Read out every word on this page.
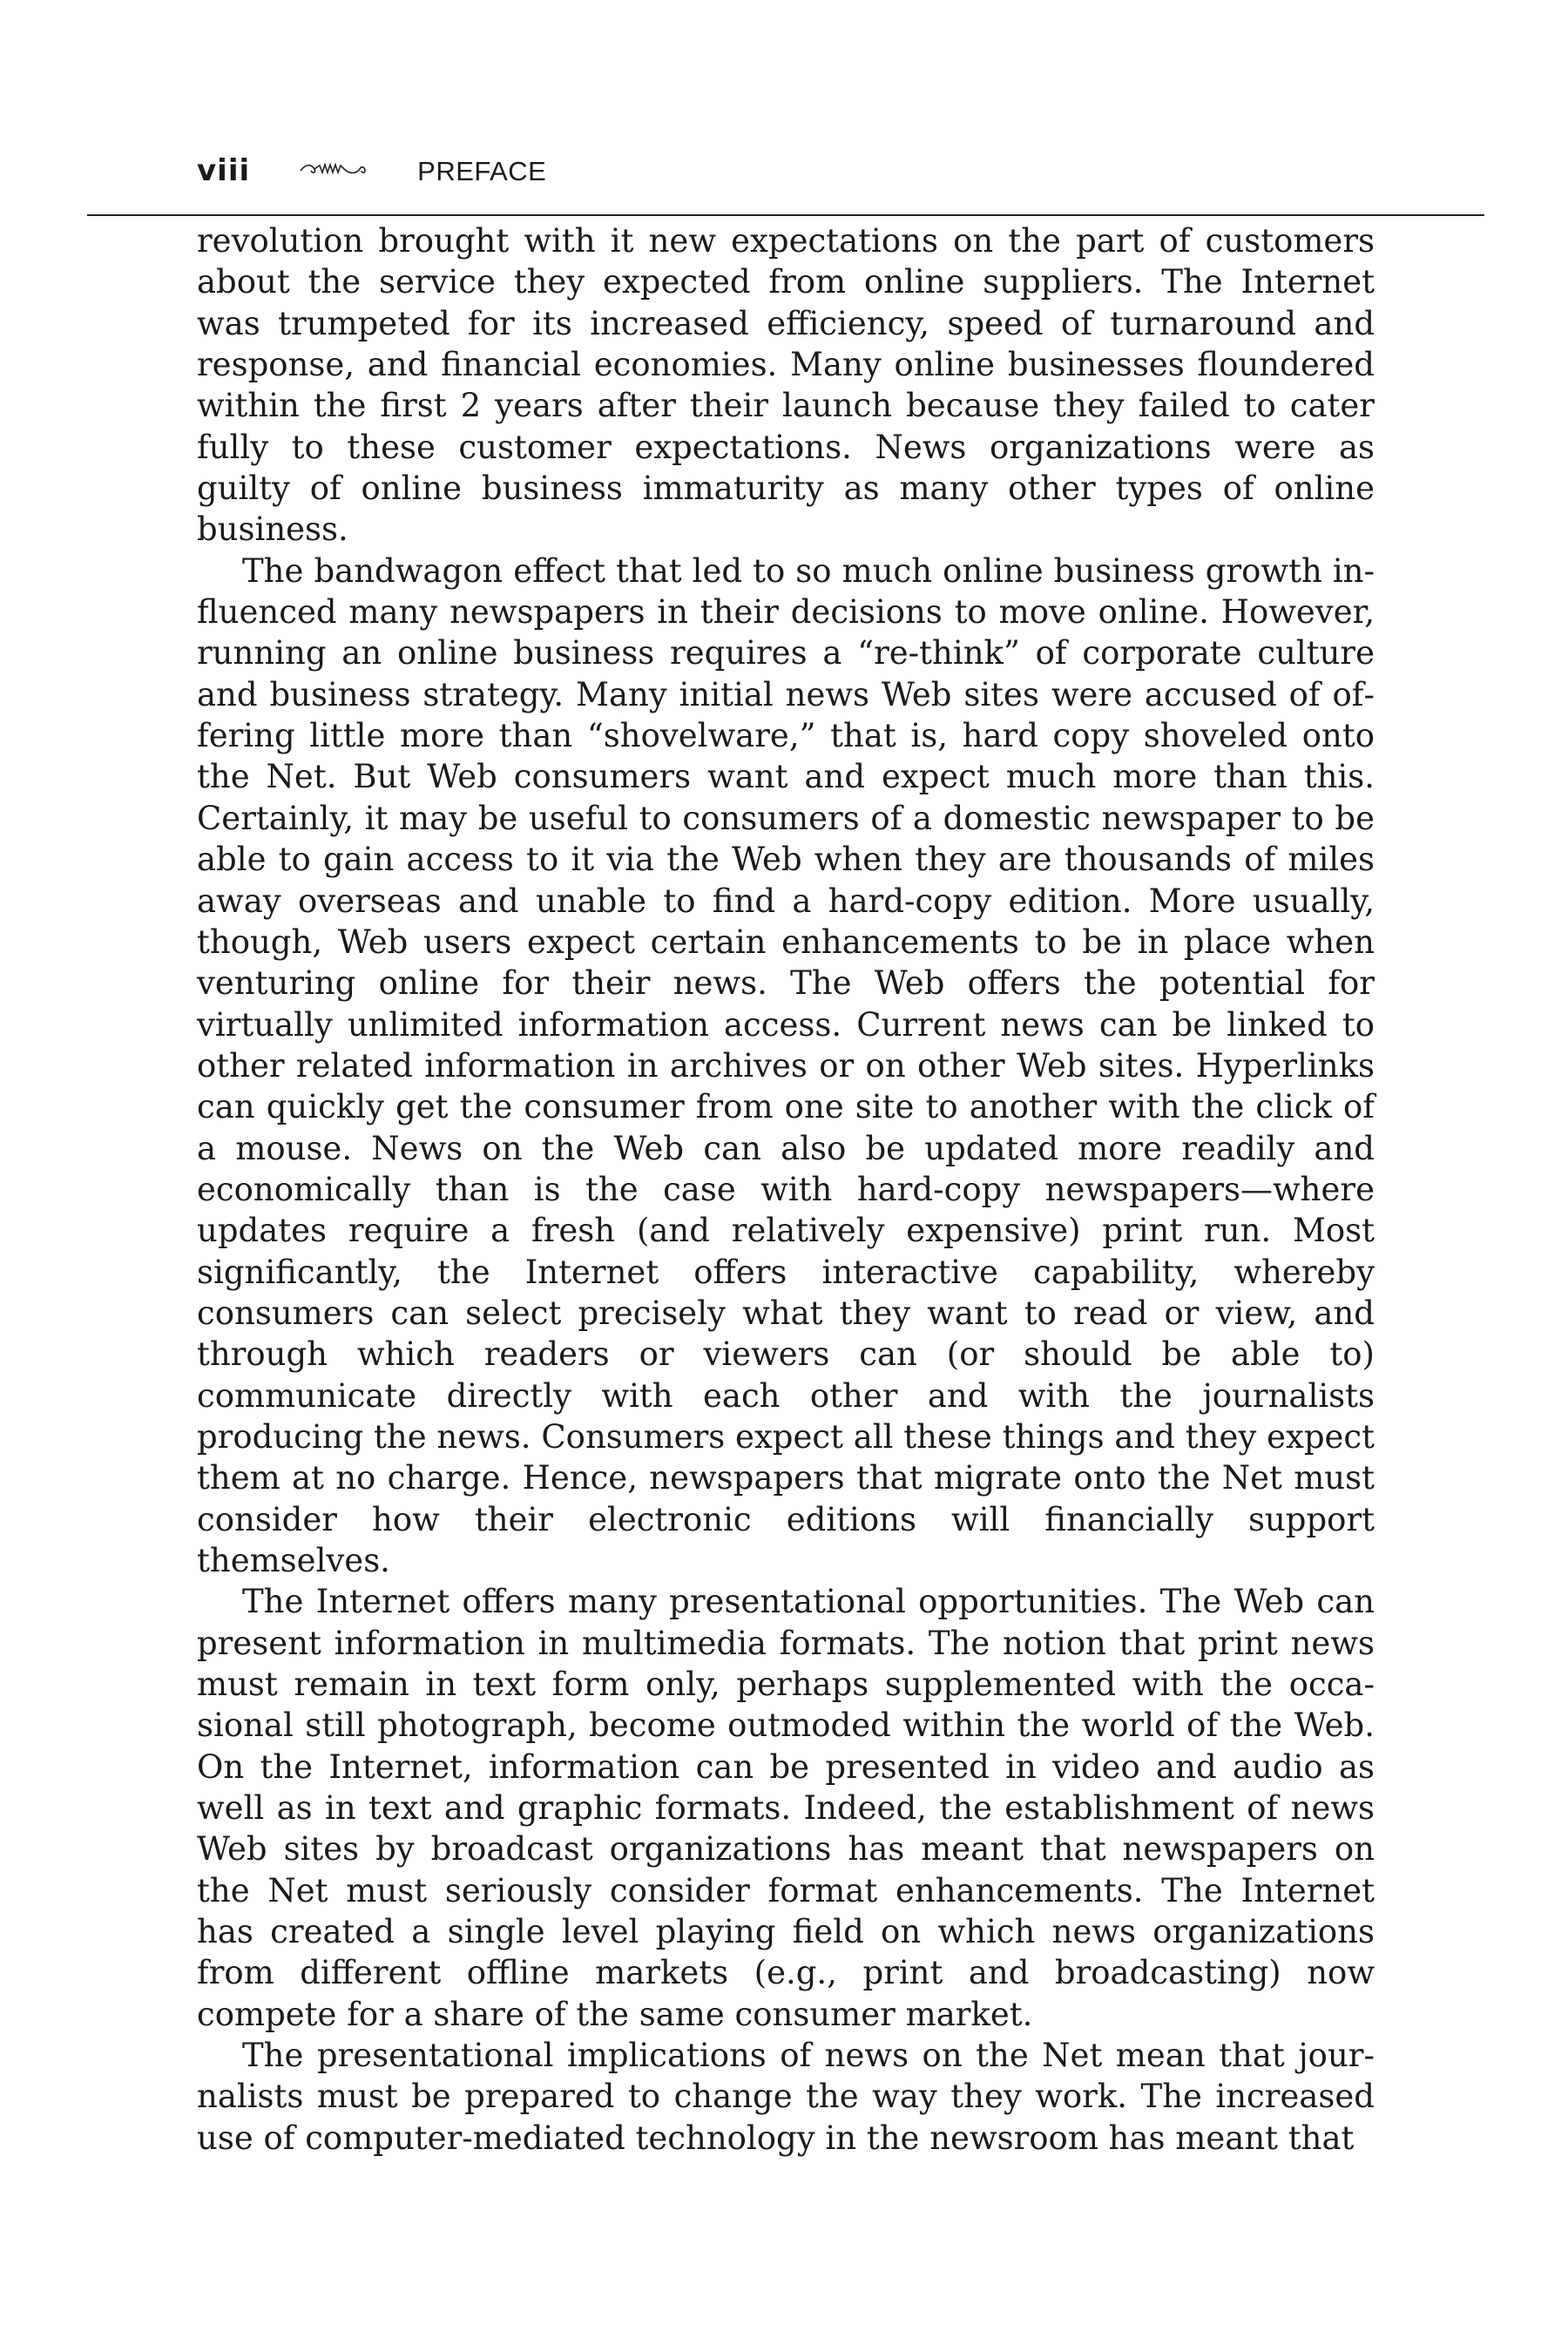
viii	PREFACE

revolution brought with it new expectations on the part of customers about the service they expected from online suppliers. The Internet was trumpeted for its increased efficiency, speed of turnaround and response, and financial economies. Many online businesses floundered within the first 2 years after their launch because they failed to cater fully to these customer expectations. News organizations were as guilty of online business immaturity as many other types of online business.

The bandwagon effect that led to so much online business growth influenced many newspapers in their decisions to move online. However, running an online business requires a “re-think” of corporate culture and business strategy. Many initial news Web sites were accused of offering little more than “shovelware,” that is, hard copy shoveled onto the Net. But Web consumers want and expect much more than this. Certainly, it may be useful to consumers of a domestic newspaper to be able to gain access to it via the Web when they are thousands of miles away overseas and unable to find a hard-copy edition. More usually, though, Web users expect certain enhancements to be in place when venturing online for their news. The Web offers the potential for virtually unlimited information access. Current news can be linked to other related information in archives or on other Web sites. Hyperlinks can quickly get the consumer from one site to another with the click of a mouse. News on the Web can also be updated more readily and economically than is the case with hard-copy newspapers—where updates require a fresh (and relatively expensive) print run. Most significantly, the Internet offers interactive capability, whereby consumers can select precisely what they want to read or view, and through which readers or viewers can (or should be able to) communicate directly with each other and with the journalists producing the news. Consumers expect all these things and they expect them at no charge. Hence, newspapers that migrate onto the Net must consider how their electronic editions will financially support themselves.

The Internet offers many presentational opportunities. The Web can present information in multimedia formats. The notion that print news must remain in text form only, perhaps supplemented with the occasional still photograph, become outmoded within the world of the Web. On the Internet, information can be presented in video and audio as well as in text and graphic formats. Indeed, the establishment of news Web sites by broadcast organizations has meant that newspapers on the Net must seriously consider format enhancements. The Internet has created a single level playing field on which news organizations from different offline markets (e.g., print and broadcasting) now compete for a share of the same consumer market.

The presentational implications of news on the Net mean that journalists must be prepared to change the way they work. The increased use of computer-mediated technology in the newsroom has meant that
